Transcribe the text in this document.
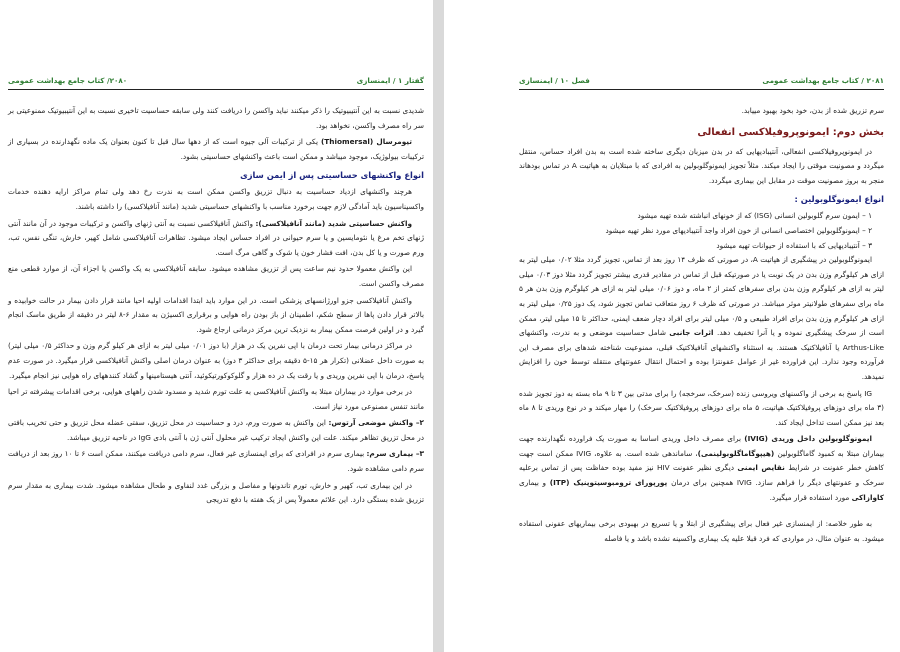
گفتار ۱ / ایمنسازی
۲۰۸۰/ کتاب جامع بهداشت عمومی

شدیدی نسبت به این آنتیبیوتیک را ذکر میکنند نباید واکسن را دریافت کنند ولی سابقه حساسیت تاخیری نسبت به این آنتیبیوتیک ممنوعیتی بر سر راه مصرف واکسن، نخواهد بود.

تیومرسال (Thiomersal) یکی از ترکیبات آلی جیوه است که از دهها سال قبل تا کنون بعنوان یک ماده نگهدارنده در بسیاری از ترکیبات بیولوژیک، موجود میباشد و ممکن است باعث واکنشهای حساسیتی بشود.

انواع واکنشهای حساسیتی پس از ایمن سازی

هرچند واکنشهای ازدیاد حساسیت به دنبال تزریق واکسن ممکن است به ندرت رخ دهد ولی تمام مراکز ارایه دهنده خدمات واکسیناسیون باید آمادگی لازم جهت برخورد مناسب با واکنشهای حساسیتی شدید (مانند آنافیلاکسی) را داشته باشند.

واکنش حساسیتی شدید (مانند آنافیلاکسی): واکنش آنافیلاکسی نسبت به آنتی ژنهای واکسن و ترکیبات موجود در آن مانند آنتی ژنهای تخم مرغ یا نئومایسین و یا سرم حیوانی در افراد حساس ایجاد میشود. تظاهرات آنافیلاکسی شامل کهیر، خارش، تنگی نفس، تب، ورم صورت و یا کل بدن، افت فشار خون یا شوک و گاهی مرگ است.

این واکنش معمولا حدود نیم ساعت پس از تزریق مشاهده میشود. سابقه آنافیلاکسی به یک واکسن یا اجزاء آن، از موارد قطعی منع مصرف واکسن است.

واکنش آنافیلاکسی جزو اورژانسهای پزشکی است. در این موارد باید ابتدا اقدامات اولیه احیا مانند قرار دادن بیمار در حالت خوابیده و بالاتر قرار دادن پاها از سطح شکم، اطمینان از باز بودن راه هوایی و برقراری اکسیژن به مقدار ۶-۸ لیتر در دقیقه از طریق ماسک انجام گیرد و در اولین فرصت ممکن بیمار به نزدیک ترین مرکز درمانی ارجاع شود.

در مراکز درمانی بیمار تحت درمان با اپی نفرین یک در هزار (با دوز ۰/۰۱ میلی لیتر به ازای هر کیلو گرم وزن و حداکثر ۰/۵ میلی لیتر) به صورت داخل عضلانی (تکرار هر ۱۵-۵ دقیقه برای حداکثر ۳ دوز) به عنوان درمان اصلی واکنش آنافیلاکسی قرار میگیرد. در صورت عدم پاسخ، درمان با اپی نفرین وریدی و یا رقت یک در ده هزار و گلوکوکورتیکوئید، آنتی هیستامینها و گشاد کنندههای راه هوایی نیز انجام میگیرد.

در برخی موارد در بیماران مبتلا به واکنش آنافیلاکسی به علت تورم شدید و مسدود شدن راههای هوایی، برخی اقدامات پیشرفته تر احیا مانند تنفس مصنوعی مورد نیاز است.

۲– واکنش موضعی آرتوس: این واکنش به صورت ورم، درد و حساسیت در محل تزریق، سفتی عضله محل تزریق و حتی تخریب بافتی در محل تزریق تظاهر میکند. علت این واکنش ایجاد ترکیب غیر محلول آنتی ژن با آنتی بادی IgG در ناحیه تزریق میباشد.

۳– بیماری سرم: بیماری سرم در افرادی که برای ایمنسازی غیر فعال، سرم دامی دریافت میکنند، ممکن است ۶ تا ۱۰ روز بعد از دریافت سرم دامی مشاهده شود.

در این بیماری تب، کهیر و خارش، تورم تاندونها و مفاصل و بزرگی غدد لنفاوی و طحال مشاهده میشود. شدت بیماری به مقدار سرم تزریق شده بستگی دارد. این علائم معمولاً پس از یک هفته با دفع تدریجی

۲۰۸۱ / کتاب جامع بهداشت عمومی
فصل ۱۰ / ایمنسازی

سرم تزریق شده از بدن، خود بخود بهبود مییابد.

بخش دوم: ایمونوپروفیلاکسی انفعالی

در ایمونوپروفیلاکسی انفعالی، آنتیبادیهایی که در بدن میزبان دیگری ساخته شده است به بدن افراد حساس، منتقل میگردد و مصونیت موقتی را ایجاد میکند. مثلاً تجویز ایمونوگلوبولین به افرادی که با مبتلایان به هپاتیت A در تماس بودهاند منجر به بروز مصونیت موقت در مقابل این بیماری میگردد.

انواع ایمونوگلوبولین :

۱ – ایمون سرم گلوبولین انسانی (ISG) که از خونهای انباشته شده تهیه میشود

۲ – ایمونوگلوبولین اختصاصی انسانی از خون افراد واجد آنتیبادیهای مورد نظر تهیه میشود

۳ – آنتیبادیهایی که با استفاده از حیوانات تهیه میشود

ایمونوگلوبولین در پیشگیری از هپاتیت A، در صورتی که ظرف ۱۴ روز بعد از تماس، تجویز گردد مثلا ۰/۰۲ میلی لیتر به ازای هر کیلوگرم وزن بدن در یک نوبت یا در صورتیکه قبل از تماس در مقادیر قدری بیشتر تجویز گردد مثلا دوز ۰/۰۳ میلی لیتر به ازای هر کیلوگرم وزن بدن برای سفرهای کمتر از ۲ ماه، و دوز ۰/۰۶ میلی لیتر به ازای هر کیلوگرم وزن بدن هر ۵ ماه برای سفرهای طولانیتر موثر میباشد. در صورتی که ظرف ۶ روز متعاقب تماس تجویز شود، یک دوز ۰/۲۵ میلی لیتر به ازای هر کیلوگرم وزن بدن برای افراد طبیعی و ۰/۵ میلی لیتر برای افراد دچار ضعف ایمنی، حداکثر تا ۱۵ میلی لیتر، ممکن است از سرخک پیشگیری نموده و یا آنرا تخفیف دهد. اثرات جانبی شامل حساسیت موضعی و به ندرت، واکنشهای Arthus-Like یا آنافیلاکتیک هستند. به استثناء واکنشهای آنافیلاکتیک قبلی، ممنوعیت شناخته شدهای برای مصرف این فرآورده وجود ندارد. این فراورده غیر از عوامل عفونتزا بوده و احتمال انتقال عفونتهای منتقله توسط خون را افزایش نمیدهد.

IG پاسخ به برخی از واکسنهای ویروسی زنده (سرخک، سرخجه) را برای مدتی بین ۳ تا ۹ ماه بسته به دوز تجویز شده (۳ ماه برای دوزهای پروفیلاکتیک هپاتیت، ۵ ماه برای دوزهای پروفیلاکتیک سرخک) را مهار میکند و در نوع وریدی تا ۸ ماه بعد نیز ممکن است تداخل ایجاد کند.

ایمونوگلوبولین داخل وریدی (IVIG) برای مصرف داخل وریدی اساسا به صورت یک فراورده نگهدارنده جهت بیماران مبتلا به کمبود گاماگلوبولین (هیپوگاماگلوبولینمی)، ساماندهی شده است. به علاوه، IVIG ممکن است جهت کاهش خطر عفونت در شرایط نقایص ایمنی دیگری نظیر عفونت HIV نیز مفید بوده حفاظت پس از تماس برعلیه سرخک و عفونتهای دیگر را فراهم سازد. IVIG همچنین برای درمان پورپورای ترومبوسیتوپنیک (ITP) و بیماری کاوازاکی مورد استفاده قرار میگیرد.

به طور خلاصه: از ایمنسازی غیر فعال برای پیشگیری از ابتلا و یا تسریع در بهبودی برخی بیماریهای عفونی استفاده میشود. به عنوان مثال، در مواردی که فرد قبلا علیه یک بیماری واکسینه نشده باشد و یا فاصله
